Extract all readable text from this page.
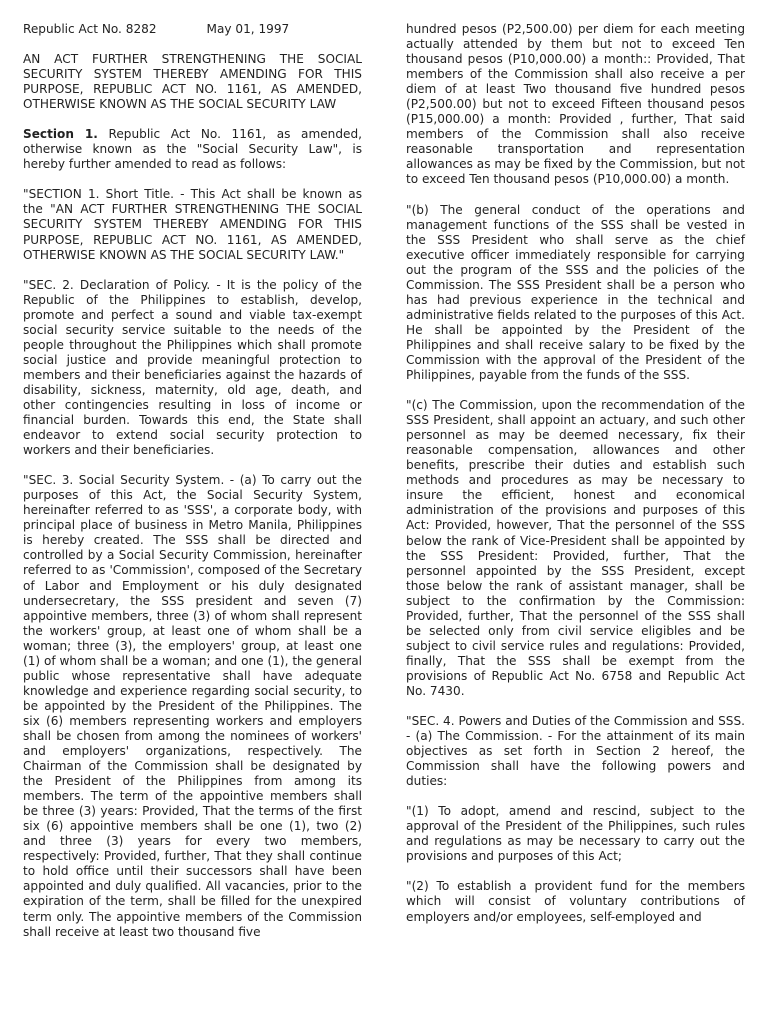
Republic Act No. 8282	May 01, 1997

AN ACT FURTHER STRENGTHENING THE SOCIAL SECURITY SYSTEM THEREBY AMENDING FOR THIS PURPOSE, REPUBLIC ACT NO. 1161, AS AMENDED, OTHERWISE KNOWN AS THE SOCIAL SECURITY LAW

Section 1. Republic Act No. 1161, as amended, otherwise known as the "Social Security Law", is hereby further amended to read as follows:

"SECTION 1. Short Title. - This Act shall be known as the "AN ACT FURTHER STRENGTHENING THE SOCIAL SECURITY SYSTEM THEREBY AMENDING FOR THIS PURPOSE, REPUBLIC ACT NO. 1161, AS AMENDED, OTHERWISE KNOWN AS THE SOCIAL SECURITY LAW."

"SEC. 2. Declaration of Policy. - It is the policy of the Republic of the Philippines to establish, develop, promote and perfect a sound and viable tax-exempt social security service suitable to the needs of the people throughout the Philippines which shall promote social justice and provide meaningful protection to members and their beneficiaries against the hazards of disability, sickness, maternity, old age, death, and other contingencies resulting in loss of income or financial burden. Towards this end, the State shall endeavor to extend social security protection to workers and their beneficiaries.

"SEC. 3. Social Security System. - (a) To carry out the purposes of this Act, the Social Security System, hereinafter referred to as 'SSS', a corporate body, with principal place of business in Metro Manila, Philippines is hereby created. The SSS shall be directed and controlled by a Social Security Commission, hereinafter referred to as 'Commission', composed of the Secretary of Labor and Employment or his duly designated undersecretary, the SSS president and seven (7) appointive members, three (3) of whom shall represent the workers' group, at least one of whom shall be a woman; three (3), the employers' group, at least one (1) of whom shall be a woman; and one (1), the general public whose representative shall have adequate knowledge and experience regarding social security, to be appointed by the President of the Philippines. The six (6) members representing workers and employers shall be chosen from among the nominees of workers' and employers' organizations, respectively. The Chairman of the Commission shall be designated by the President of the Philippines from among its members. The term of the appointive members shall be three (3) years: Provided, That the terms of the first six (6) appointive members shall be one (1), two (2) and three (3) years for every two members, respectively: Provided, further, That they shall continue to hold office until their successors shall have been appointed and duly qualified. All vacancies, prior to the expiration of the term, shall be filled for the unexpired term only. The appointive members of the Commission shall receive at least two thousand five

hundred pesos (P2,500.00) per diem for each meeting actually attended by them but not to exceed Ten thousand pesos (P10,000.00) a month:: Provided, That members of the Commission shall also receive a per diem of at least Two thousand five hundred pesos (P2,500.00) but not to exceed Fifteen thousand pesos (P15,000.00) a month: Provided , further, That said members of the Commission shall also receive reasonable transportation and representation allowances as may be fixed by the Commission, but not to exceed Ten thousand pesos (P10,000.00) a month.

"(b) The general conduct of the operations and management functions of the SSS shall be vested in the SSS President who shall serve as the chief executive officer immediately responsible for carrying out the program of the SSS and the policies of the Commission. The SSS President shall be a person who has had previous experience in the technical and administrative fields related to the purposes of this Act. He shall be appointed by the President of the Philippines and shall receive salary to be fixed by the Commission with the approval of the President of the Philippines, payable from the funds of the SSS.

"(c) The Commission, upon the recommendation of the SSS President, shall appoint an actuary, and such other personnel as may be deemed necessary, fix their reasonable compensation, allowances and other benefits, prescribe their duties and establish such methods and procedures as may be necessary to insure the efficient, honest and economical administration of the provisions and purposes of this Act: Provided, however, That the personnel of the SSS below the rank of Vice-President shall be appointed by the SSS President: Provided, further, That the personnel appointed by the SSS President, except those below the rank of assistant manager, shall be subject to the confirmation by the Commission: Provided, further, That the personnel of the SSS shall be selected only from civil service eligibles and be subject to civil service rules and regulations: Provided, finally, That the SSS shall be exempt from the provisions of Republic Act No. 6758 and Republic Act No. 7430.

"SEC. 4. Powers and Duties of the Commission and SSS. - (a) The Commission. - For the attainment of its main objectives as set forth in Section 2 hereof, the Commission shall have the following powers and duties:

"(1) To adopt, amend and rescind, subject to the approval of the President of the Philippines, such rules and regulations as may be necessary to carry out the provisions and purposes of this Act;

"(2) To establish a provident fund for the members which will consist of voluntary contributions of employers and/or employees, self-employed and
